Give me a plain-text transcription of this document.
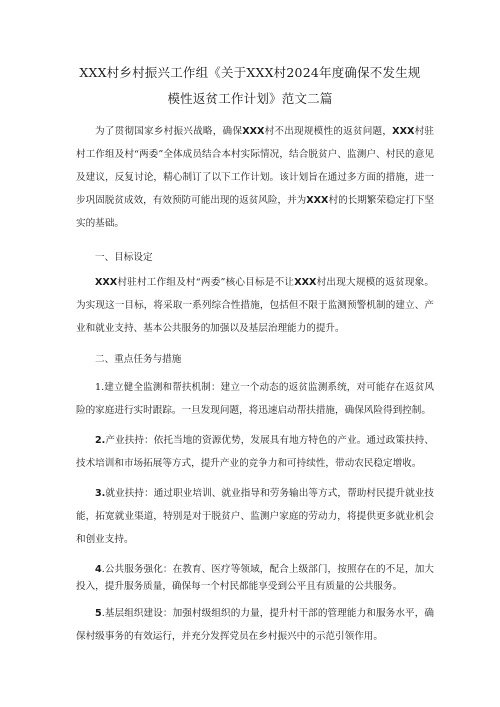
XXX村乡村振兴工作组《关于XXX村2024年度确保不发生规
模性返贫工作计划》范文二篇

为了贯彻国家乡村振兴战略，确保XXX村不出现规模性的返贫问题，XXX村驻村工作组及村“两委”全体成员结合本村实际情况，结合脱贫户、监测户、村民的意见及建议，反复讨论，精心制订了以下工作计划。该计划旨在通过多方面的措施，进一步巩固脱贫成效，有效预防可能出现的返贫风险，并为XXX村的长期繁荣稳定打下坚实的基础。

一、目标设定

XXX村驻村工作组及村“两委”核心目标是不让XXX村出现大规模的返贫现象。为实现这一目标，将采取一系列综合性措施，包括但不限于监测预警机制的建立、产业和就业支持、基本公共服务的加强以及基层治理能力的提升。

二、重点任务与措施

1.建立健全监测和帮扶机制：建立一个动态的返贫监测系统，对可能存在返贫风险的家庭进行实时跟踪。一旦发现问题，将迅速启动帮扶措施，确保风险得到控制。

2.产业扶持：依托当地的资源优势，发展具有地方特色的产业。通过政策扶持、技术培训和市场拓展等方式，提升产业的竞争力和可持续性，带动农民稳定增收。

3.就业扶持：通过职业培训、就业指导和劳务输出等方式，帮助村民提升就业技能，拓宽就业渠道，特别是对于脱贫户、监测户家庭的劳动力，将提供更多就业机会和创业支持。

4.公共服务强化：在教育、医疗等领域，配合上级部门，按照存在的不足，加大投入，提升服务质量，确保每一个村民都能享受到公平且有质量的公共服务。

5.基层组织建设：加强村级组织的力量，提升村干部的管理能力和服务水平，确保村级事务的有效运行，并充分发挥党员在乡村振兴中的示范引领作用。
